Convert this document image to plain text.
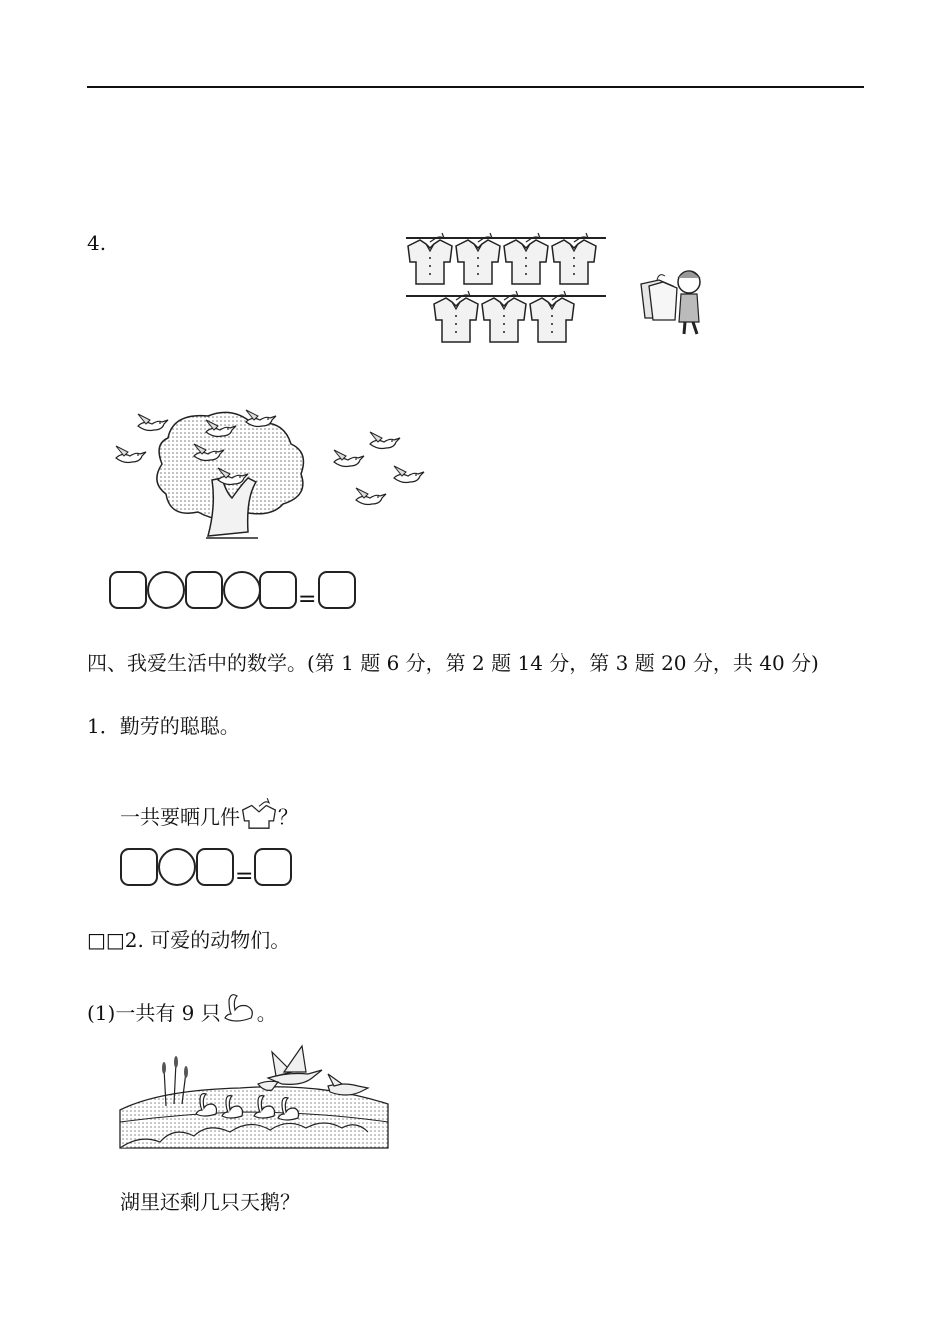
4.
=
四、我爱生活中的数学。(第 1 题 6 分，第 2 题 14 分，第 3 题 20 分，共 40 分)
1．勤劳的聪聪。
一共要晒几件 ？
=
□□2. 可爱的动物们。
(1)一共有 9 只 。
湖里还剩几只天鹅？
